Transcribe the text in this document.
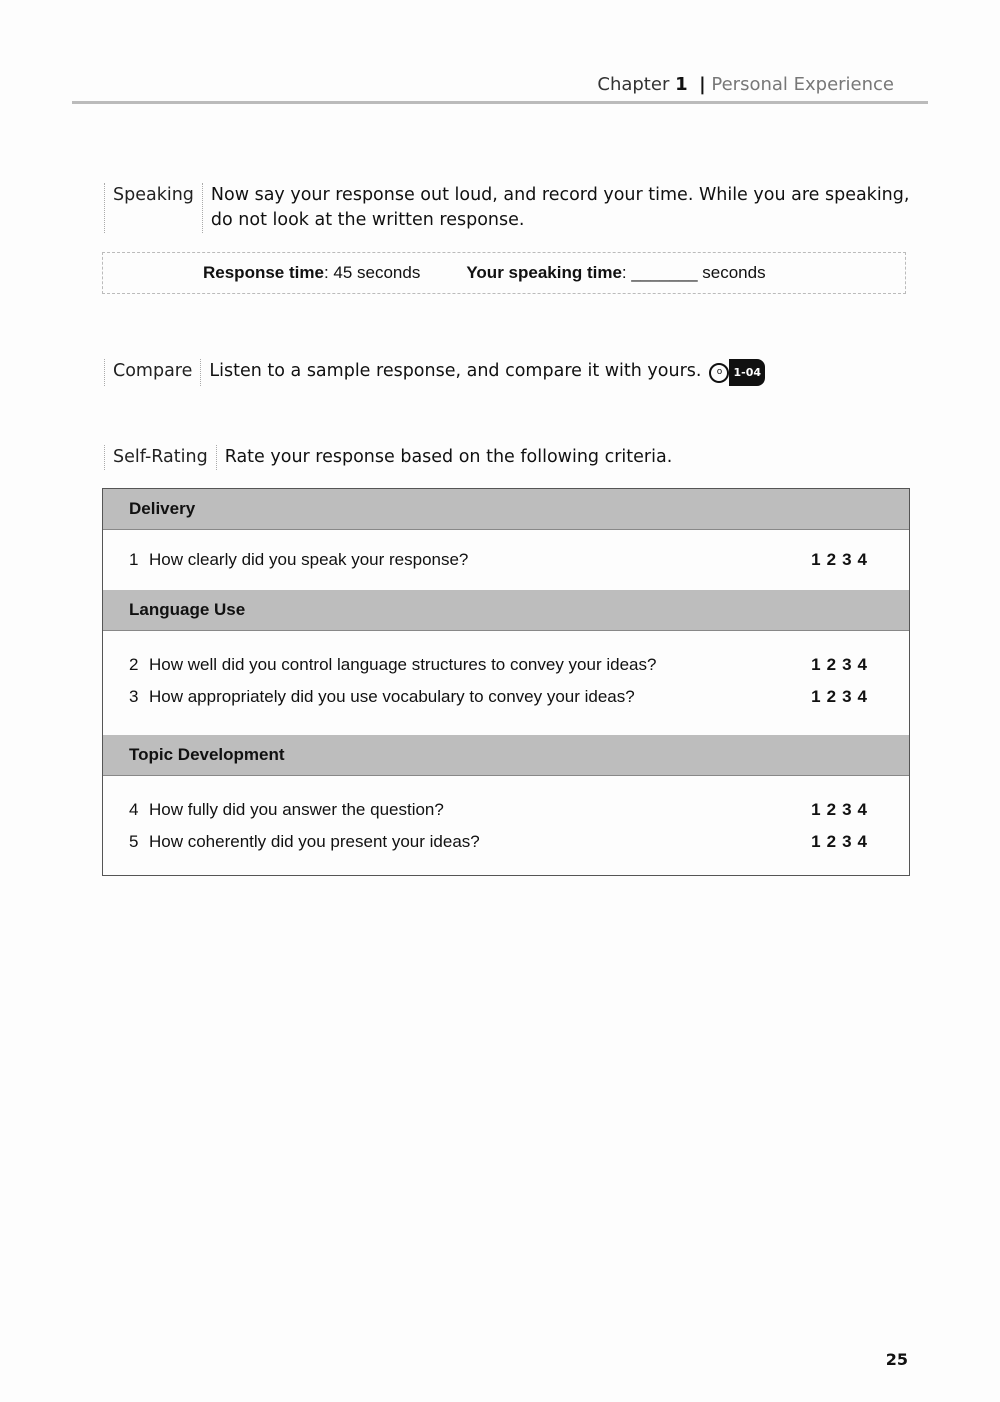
Chapter 1 | Personal Experience
Speaking Now say your response out loud, and record your time. While you are speaking, do not look at the written response.
Response time: 45 seconds	Your speaking time: _______ seconds
Compare Listen to a sample response, and compare it with yours.	o	1-04
Self-Rating Rate your response based on the following criteria.
Delivery
1 How clearly did you speak your response?	1234
Language Use
2 How well did you control language structures to convey your ideas?	1234
3 How appropriately did you use vocabulary to convey your ideas?	1234
Topic Development
4 How fully did you answer the question?	1234
5 How coherently did you present your ideas?	1234
25
